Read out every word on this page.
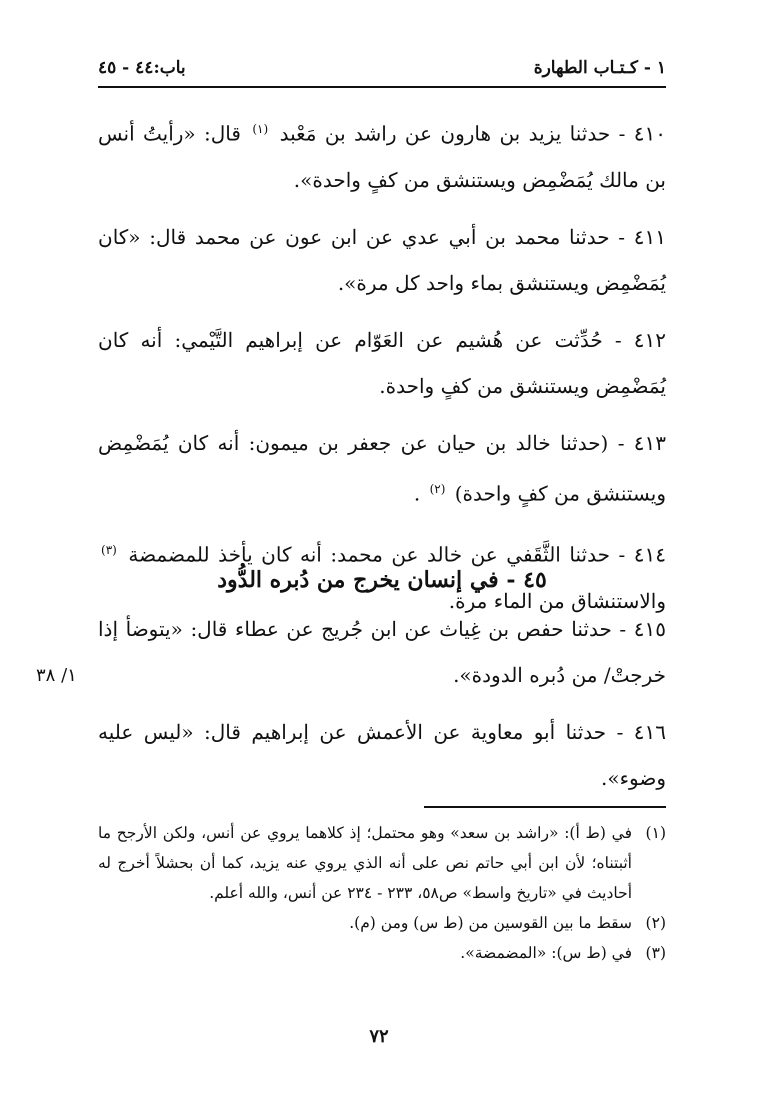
١ - كـتـاب الطهارة
باب:٤٤ - ٤٥

٤١٠ - حدثنا يزيد بن هارون عن راشد بن مَعْبد $^{(١)}$ قال: «رأيتُ أنس بن مالك يُمَضْمِض ويستنشق من كفٍ واحدة».

٤١١ - حدثنا محمد بن أبي عدي عن ابن عون عن محمد قال: «كان يُمَضْمِض ويستنشق بماء واحد كل مرة».

٤١٢ - حُدِّثت عن هُشيم عن العَوّام عن إبراهيم التَّيْمي: أنه كان يُمَضْمِض ويستنشق من كفٍ واحدة.

٤١٣ - (حدثنا خالد بن حيان عن جعفر بن ميمون: أنه كان يُمَضْمِض ويستنشق من كفٍ واحدة) $^{(٢)}$ .

٤١٤ - حدثنا الثَّقَفي عن خالد عن محمد: أنه كان يأخذ للمضمضة $^{(٣)}$ والاستنشاق من الماء مرة.

٤٥ - في إنسان يخرج من دُبره الدُّود

٤١٥ - حدثنا حفص بن غِياث عن ابن جُريج عن عطاء قال: «يتوضأ إذا خرجتْ/ من دُبره الدودة».

٤١٦ - حدثنا أبو معاوية عن الأعمش عن إبراهيم قال: «ليس عليه وضوء».

١/ ٣٨
(١)
في (ط أ): «راشد بن سعد» وهو محتمل؛ إذ كلاهما يروي عن أنس، ولكن الأرجح ما أثبتناه؛ لأن ابن أبي حاتم نص على أنه الذي يروي عنه يزيد، كما أن بحشلاً أخرج له أحاديث في «تاريخ واسط» ص٥٨، ٢٣٣ - ٢٣٤ عن أنس، والله أعلم.
(٢)
سقط ما بين القوسين من (ط س) ومن (م).
(٣)
في (ط س): «المضمضة».
٧٢
